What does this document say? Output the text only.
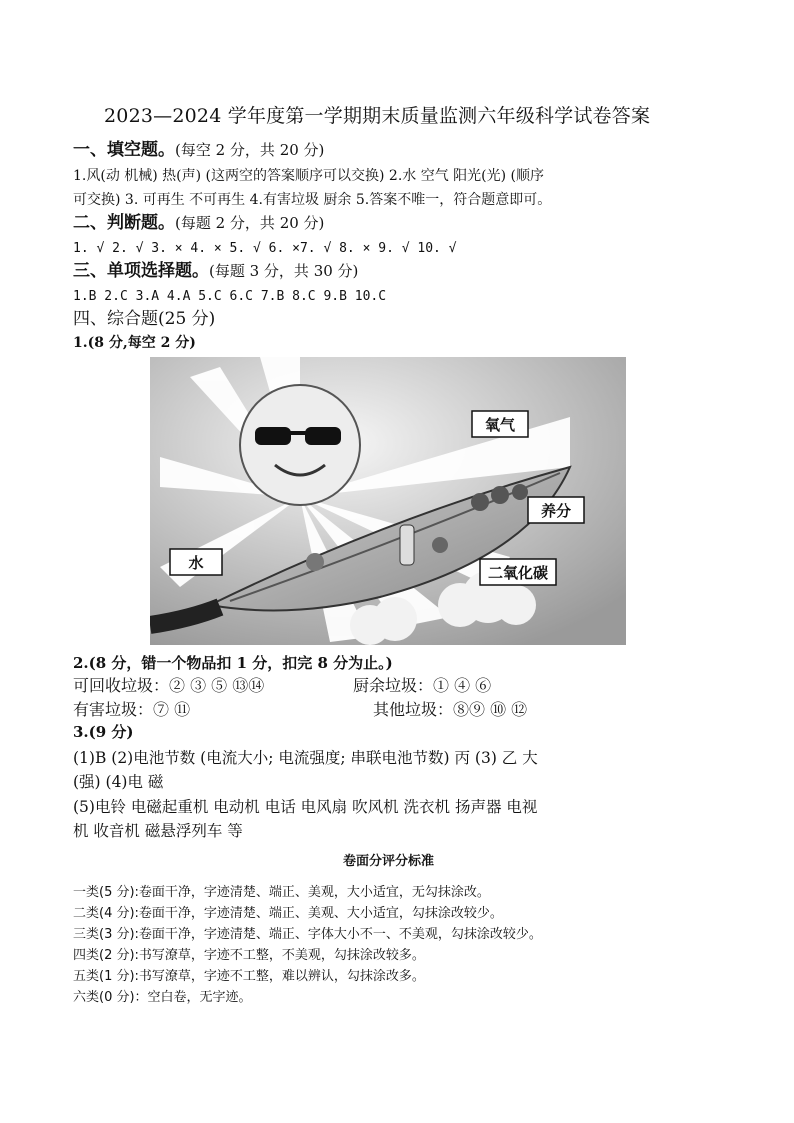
2023—2024 学年度第一学期期末质量监测六年级科学试卷答案
一、填空题。(每空 2 分，共 20 分)
1.风(动 机械) 热(声) (这两空的答案顺序可以交换) 2.水 空气 阳光(光) (顺序
可交换) 3. 可再生 不可再生 4.有害垃圾 厨余 5.答案不唯一，符合题意即可。
二、判断题。(每题 2 分，共 20 分)
1. √ 2. √ 3. × 4. × 5. √ 6. ×7. √ 8. × 9. √ 10. √
三、单项选择题。(每题 3 分，共 30 分)
1.B 2.C 3.A 4.A 5.C 6.C 7.B 8.C 9.B 10.C
四、综合题(25 分)
1.(8 分,每空 2 分)
氧气
养分
二氧化碳
水
2.(8 分，错一个物品扣 1 分，扣完 8 分为止。)
可回收垃圾：② ③ ⑤ ⑬⑭	厨余垃圾：① ④ ⑥
有害垃圾：⑦ ⑪	其他垃圾：⑧⑨ ⑩ ⑫
3.(9 分)
(1)B (2)电池节数 (电流大小; 电流强度; 串联电池节数) 丙 (3) 乙 大
(强) (4)电 磁
(5)电铃 电磁起重机 电动机 电话 电风扇 吹风机 洗衣机 扬声器 电视
机 收音机 磁悬浮列车 等
卷面分评分标准
一类(5 分):卷面干净，字迹清楚、端正、美观，大小适宜，无勾抹涂改。
二类(4 分):卷面干净，字迹清楚、端正、美观、大小适宜，勾抹涂改较少。
三类(3 分):卷面干净，字迹清楚、端正、字体大小不一、不美观，勾抹涂改较少。
四类(2 分):书写潦草，字迹不工整，不美观，勾抹涂改较多。
五类(1 分):书写潦草，字迹不工整，难以辨认，勾抹涂改多。
六类(0 分)：空白卷，无字迹。
